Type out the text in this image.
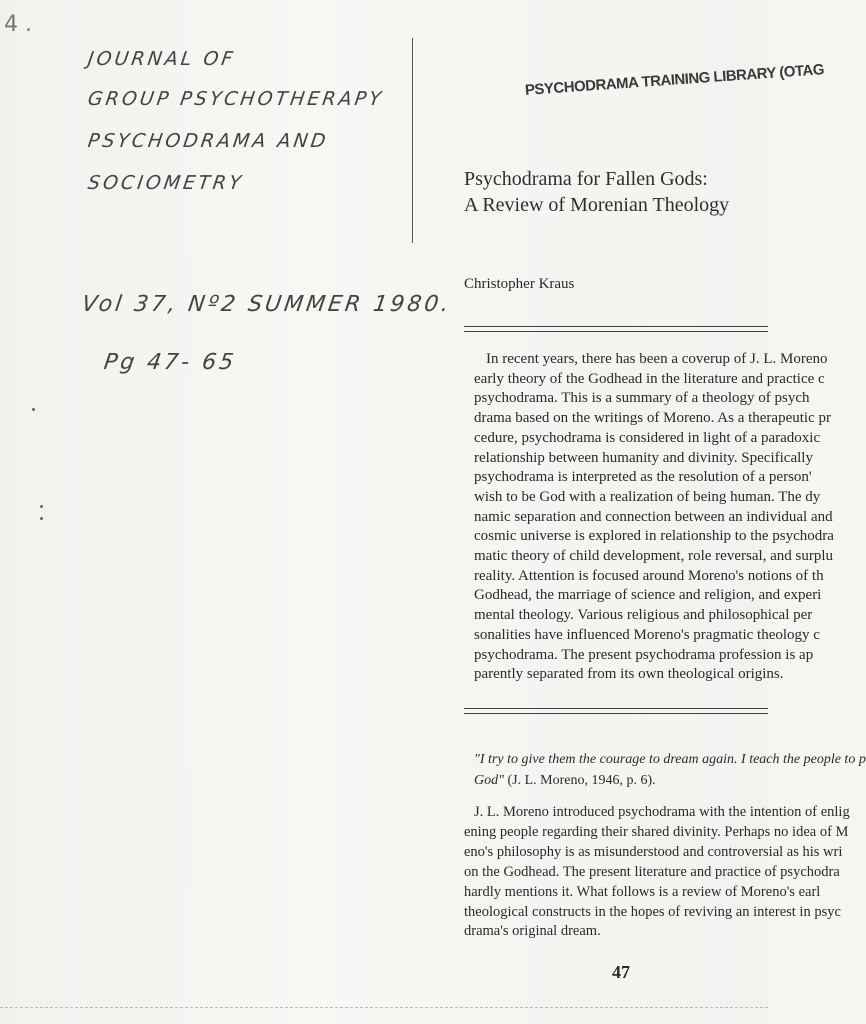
4 .
JOURNAL OF
GROUP PSYCHOTHERAPY
PSYCHODRAMA AND
SOCIOMETRY
Vol 37, Nº2 SUMMER 1980.
Pg 47- 65
PSYCHODRAMA TRAINING LIBRARY (OTAG
Psychodrama for Fallen Gods:
A Review of Morenian Theology
Christopher Kraus
In recent years, there has been a coverup of J. L. Moreno
early theory of the Godhead in the literature and practice c
psychodrama. This is a summary of a theology of psych
drama based on the writings of Moreno. As a therapeutic pr
cedure, psychodrama is considered in light of a paradoxic
relationship between humanity and divinity. Specifically
psychodrama is interpreted as the resolution of a person'
wish to be God with a realization of being human. The dy
namic separation and connection between an individual and
cosmic universe is explored in relationship to the psychodra
matic theory of child development, role reversal, and surplu
reality. Attention is focused around Moreno's notions of th
Godhead, the marriage of science and religion, and experi
mental theology. Various religious and philosophical per
sonalities have influenced Moreno's pragmatic theology c
psychodrama. The present psychodrama profession is ap
parently separated from its own theological origins.
"I try to give them the courage to dream again. I teach the people to p
God" (J. L. Moreno, 1946, p. 6).
J. L. Moreno introduced psychodrama with the intention of enlig
ening people regarding their shared divinity. Perhaps no idea of M
eno's philosophy is as misunderstood and controversial as his wri
on the Godhead. The present literature and practice of psychodra
hardly mentions it. What follows is a review of Moreno's earl
theological constructs in the hopes of reviving an interest in psyc
drama's original dream.
47
